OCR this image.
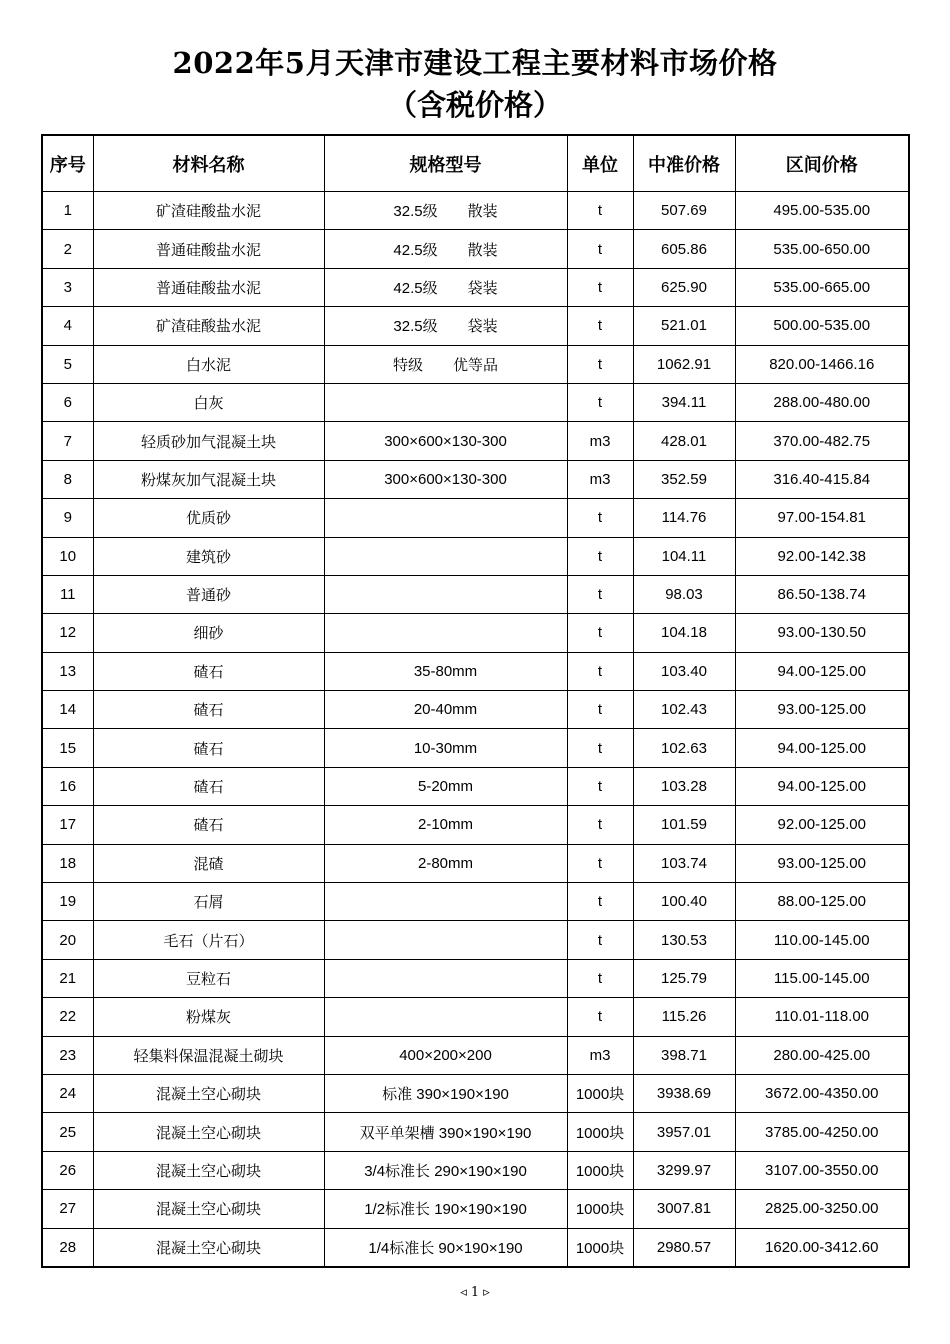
2022年5月天津市建设工程主要材料市场价格
（含税价格）
序号	材料名称	规格型号	单位	中准价格	区间价格
1	矿渣硅酸盐水泥	32.5级　　散装	t	507.69	495.00-535.00
2	普通硅酸盐水泥	42.5级　　散装	t	605.86	535.00-650.00
3	普通硅酸盐水泥	42.5级　　袋装	t	625.90	535.00-665.00
4	矿渣硅酸盐水泥	32.5级　　袋装	t	521.01	500.00-535.00
5	白水泥	特级　　优等品	t	1062.91	820.00-1466.16
6	白灰		t	394.11	288.00-480.00
7	轻质砂加气混凝土块	300×600×130-300	m3	428.01	370.00-482.75
8	粉煤灰加气混凝土块	300×600×130-300	m3	352.59	316.40-415.84
9	优质砂		t	114.76	97.00-154.81
10	建筑砂		t	104.11	92.00-142.38
11	普通砂		t	98.03	86.50-138.74
12	细砂		t	104.18	93.00-130.50
13	碴石	35-80mm	t	103.40	94.00-125.00
14	碴石	20-40mm	t	102.43	93.00-125.00
15	碴石	10-30mm	t	102.63	94.00-125.00
16	碴石	5-20mm	t	103.28	94.00-125.00
17	碴石	2-10mm	t	101.59	92.00-125.00
18	混碴	2-80mm	t	103.74	93.00-125.00
19	石屑		t	100.40	88.00-125.00
20	毛石（片石）		t	130.53	110.00-145.00
21	豆粒石		t	125.79	115.00-145.00
22	粉煤灰		t	115.26	110.01-118.00
23	轻集料保温混凝土砌块	400×200×200	m3	398.71	280.00-425.00
24	混凝土空心砌块	标准 390×190×190	1000块	3938.69	3672.00-4350.00
25	混凝土空心砌块	双平单架槽 390×190×190	1000块	3957.01	3785.00-4250.00
26	混凝土空心砌块	3/4标准长 290×190×190	1000块	3299.97	3107.00-3550.00
27	混凝土空心砌块	1/2标准长 190×190×190	1000块	3007.81	2825.00-3250.00
28	混凝土空心砌块	1/4标准长 90×190×190	1000块	2980.57	1620.00-3412.60
◃ 1 ▹
